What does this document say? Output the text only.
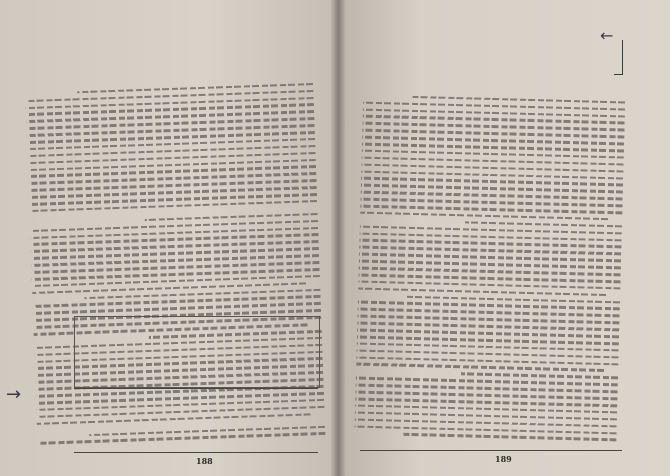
→
188
←
189
